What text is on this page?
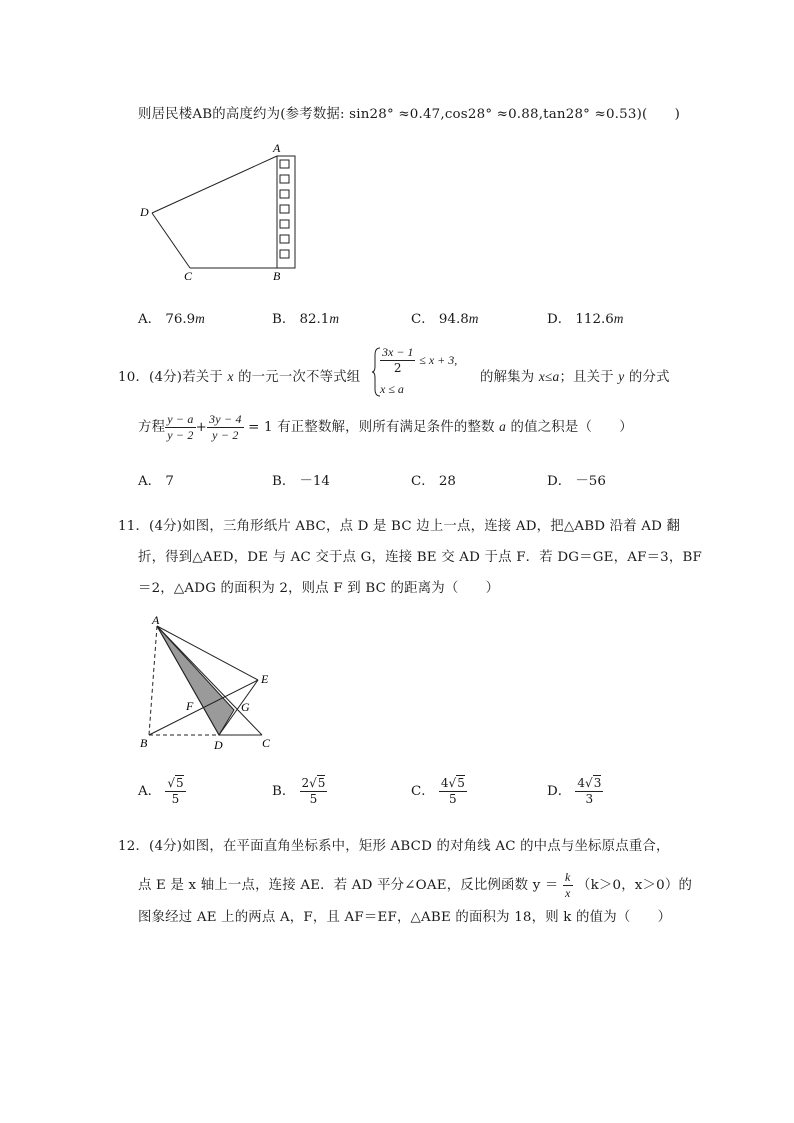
则居民楼AB的高度约为(参考数据: sin28° ≈0.47,cos28° ≈0.88,tan28° ≈0.53)(　　)
A
B
C
D
A． 76.9m	B． 82.1m	C． 94.8m	D． 112.6m
10．(4分)若关于 x 的一元一次不等式组
$\frac{3x - 1}{2} \le x + 3$,
x ≤ a
的解集为 x≤a；且关于 y 的分式
方程 $\frac{y - a}{y - 2} + \frac{3y - 4}{y - 2} = 1$ 有正整数解，则所有满足条件的整数 a 的值之积是（　　）
A． 7	B． －14	C． 28	D． －56
11．(4分)如图，三角形纸片 ABC，点 D 是 BC 边上一点，连接 AD，把△ABD 沿着 AD 翻
折，得到△AED，DE 与 AC 交于点 G，连接 BE 交 AD 于点 F．若 DG＝GE，AF＝3，BF
＝2，△ADG 的面积为 2，则点 F 到 BC 的距离为（　　）
A
B	C
D
E
F	G
A． $\frac{√5}{5}$	B． $\frac{2√5}{5}$	C． $\frac{4√5}{5}$	D． $\frac{4√3}{3}$
12．(4分)如图，在平面直角坐标系中，矩形 ABCD 的对角线 AC 的中点与坐标原点重合，
点 E 是 x 轴上一点，连接 AE．若 AD 平分∠OAE，反比例函数 $y = \frac{k}{x} (k>0$，x＞0）的
图象经过 AE 上的两点 A，F，且 AF＝EF，△ABE 的面积为 18，则 k 的值为（　　）
